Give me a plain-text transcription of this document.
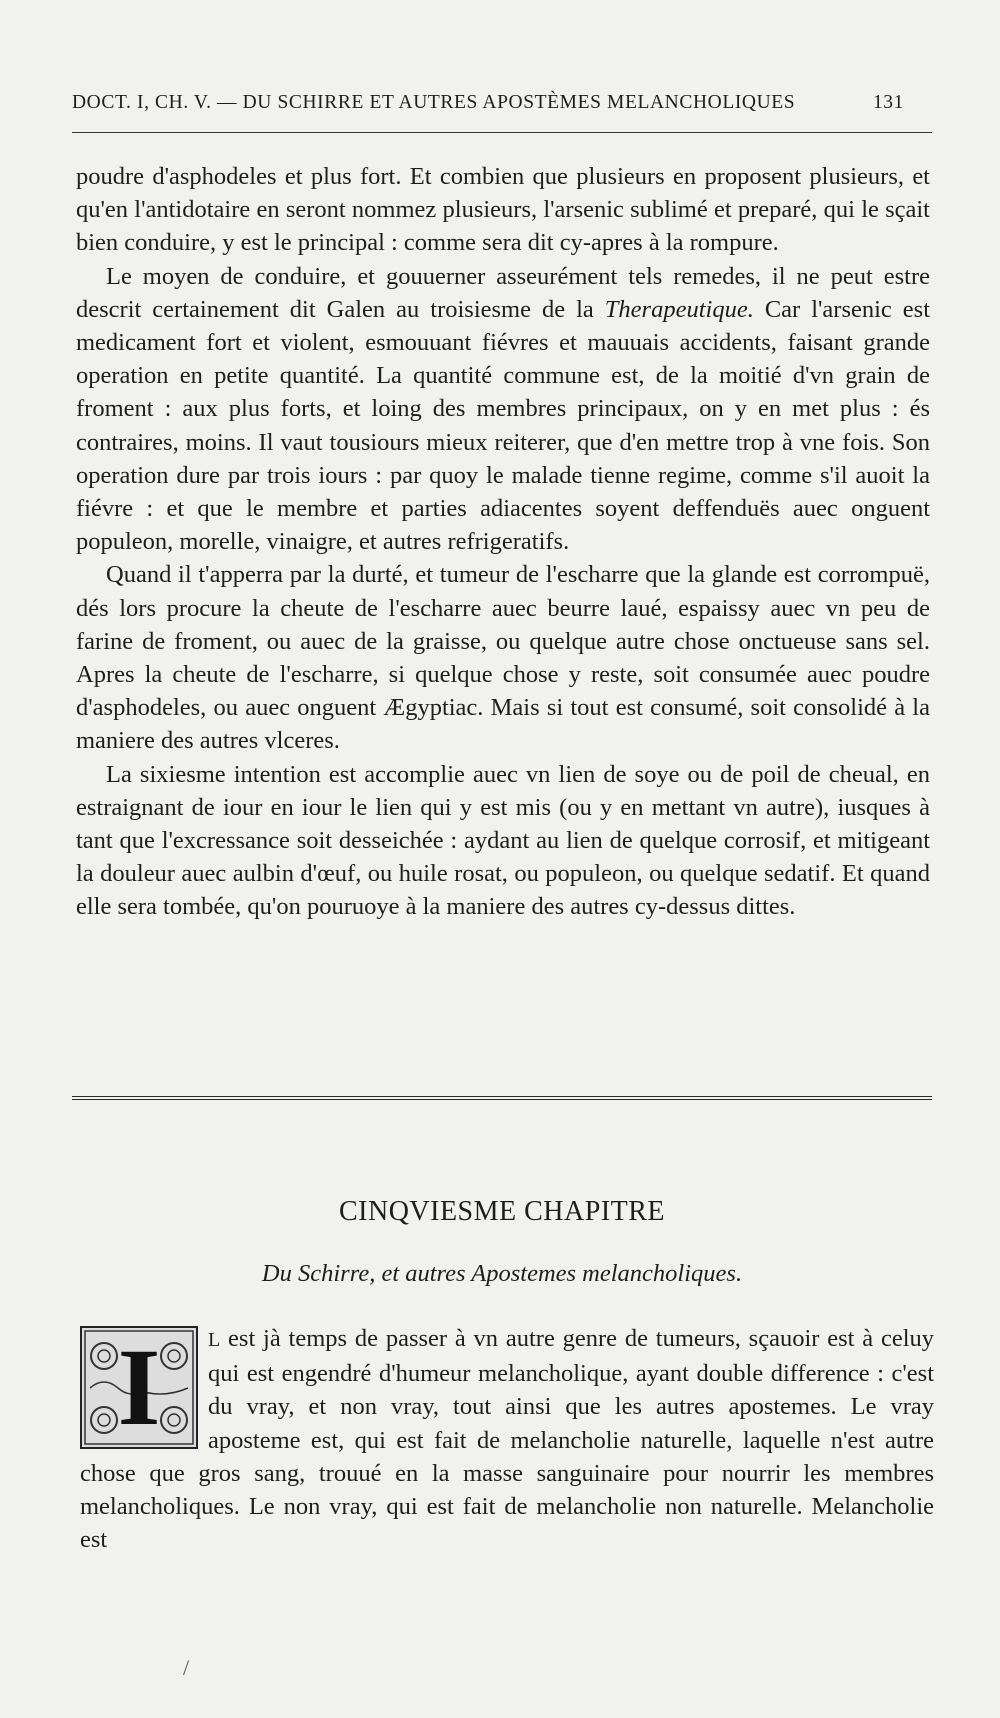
DOCT. I, CH. V. — DU SCHIRRE ET AUTRES APOSTÈMES MELANCHOLIQUES	131

poudre d'asphodeles et plus fort. Et combien que plusieurs en proposent plusieurs, et qu'en l'antidotaire en seront nommez plusieurs, l'arsenic sublimé et preparé, qui le sçait bien conduire, y est le principal : comme sera dit cy-apres à la rompure.

Le moyen de conduire, et gouuerner asseurément tels remedes, il ne peut estre descrit certainement dit Galen au troisiesme de la Therapeutique. Car l'arsenic est medicament fort et violent, esmouuant fiévres et mauuais accidents, faisant grande operation en petite quantité. La quantité commune est, de la moitié d'vn grain de froment : aux plus forts, et loing des membres principaux, on y en met plus : és contraires, moins. Il vaut tousiours mieux reiterer, que d'en mettre trop à vne fois. Son operation dure par trois iours : par quoy le malade tienne regime, comme s'il auoit la fiévre : et que le membre et parties adiacentes soyent deffenduës auec onguent populeon, morelle, vinaigre, et autres refrigeratifs.

Quand il t'apperra par la durté, et tumeur de l'escharre que la glande est corrompuë, dés lors procure la cheute de l'escharre auec beurre laué, espaissy auec vn peu de farine de froment, ou auec de la graisse, ou quelque autre chose onctueuse sans sel. Apres la cheute de l'escharre, si quelque chose y reste, soit consumée auec poudre d'asphodeles, ou auec onguent Ægyptiac. Mais si tout est consumé, soit consolidé à la maniere des autres vlceres.

La sixiesme intention est accomplie auec vn lien de soye ou de poil de cheual, en estraignant de iour en iour le lien qui y est mis (ou y en mettant vn autre), iusques à tant que l'excressance soit desseichée : aydant au lien de quelque corrosif, et mitigeant la douleur auec aulbin d'œuf, ou huile rosat, ou populeon, ou quelque sedatif. Et quand elle sera tombée, qu'on pouruoye à la maniere des autres cy-dessus dittes.

CINQVIESME CHAPITRE
Du Schirre, et autres Apostemes melancholiques.
I	L est jà temps de passer à vn autre genre de tumeurs, sçauoir est à celuy qui est engendré d'humeur melancholique, ayant double difference : c'est du vray, et non vray, tout ainsi que les autres apostemes. Le vray aposteme est, qui est fait de melancholie naturelle, laquelle n'est autre chose que gros sang, trouué en la masse sanguinaire pour nourrir les membres melancholiques. Le non vray, qui est fait de melancholie non naturelle. Melancholie est
/
